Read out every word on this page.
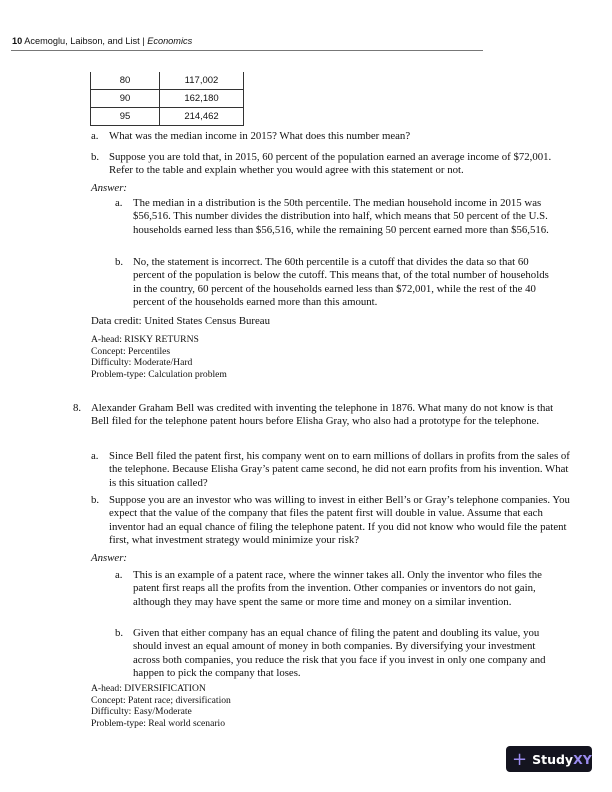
10 Acemoglu, Laibson, and List | Economics
80	117,002
90	162,180
95	214,462
a. What was the median income in 2015? What does this number mean?
b. Suppose you are told that, in 2015, 60 percent of the population earned an average income of $72,001. Refer to the table and explain whether you would agree with this statement or not.
Answer:
a. The median in a distribution is the 50th percentile. The median household income in 2015 was $56,516. This number divides the distribution into half, which means that 50 percent of the U.S. households earned less than $56,516, while the remaining 50 percent earned more than $56,516.
b. No, the statement is incorrect. The 60th percentile is a cutoff that divides the data so that 60 percent of the population is below the cutoff. This means that, of the total number of households in the country, 60 percent of the households earned less than $72,001, while the rest of the 40 percent of the households earned more than this amount.
Data credit: United States Census Bureau
A-head: RISKY RETURNS
Concept: Percentiles
Difficulty: Moderate/Hard
Problem-type: Calculation problem
8. Alexander Graham Bell was credited with inventing the telephone in 1876. What many do not know is that Bell filed for the telephone patent hours before Elisha Gray, who also had a prototype for the telephone.
a. Since Bell filed the patent first, his company went on to earn millions of dollars in profits from the sales of the telephone. Because Elisha Gray’s patent came second, he did not earn profits from his invention. What is this situation called?
b. Suppose you are an investor who was willing to invest in either Bell’s or Gray’s telephone companies. You expect that the value of the company that files the patent first will double in value. Assume that each inventor had an equal chance of filing the telephone patent. If you did not know who would file the patent first, what investment strategy would minimize your risk?
Answer:
a. This is an example of a patent race, where the winner takes all. Only the inventor who files the patent first reaps all the profits from the invention. Other companies or inventors do not gain, although they may have spent the same or more time and money on a similar invention.
b. Given that either company has an equal chance of filing the patent and doubling its value, you should invest an equal amount of money in both companies. By diversifying your investment across both companies, you reduce the risk that you face if you invest in only one company and happen to pick the company that loses.
A-head: DIVERSIFICATION
Concept: Patent race; diversification
Difficulty: Easy/Moderate
Problem-type: Real world scenario
+ Study XY
